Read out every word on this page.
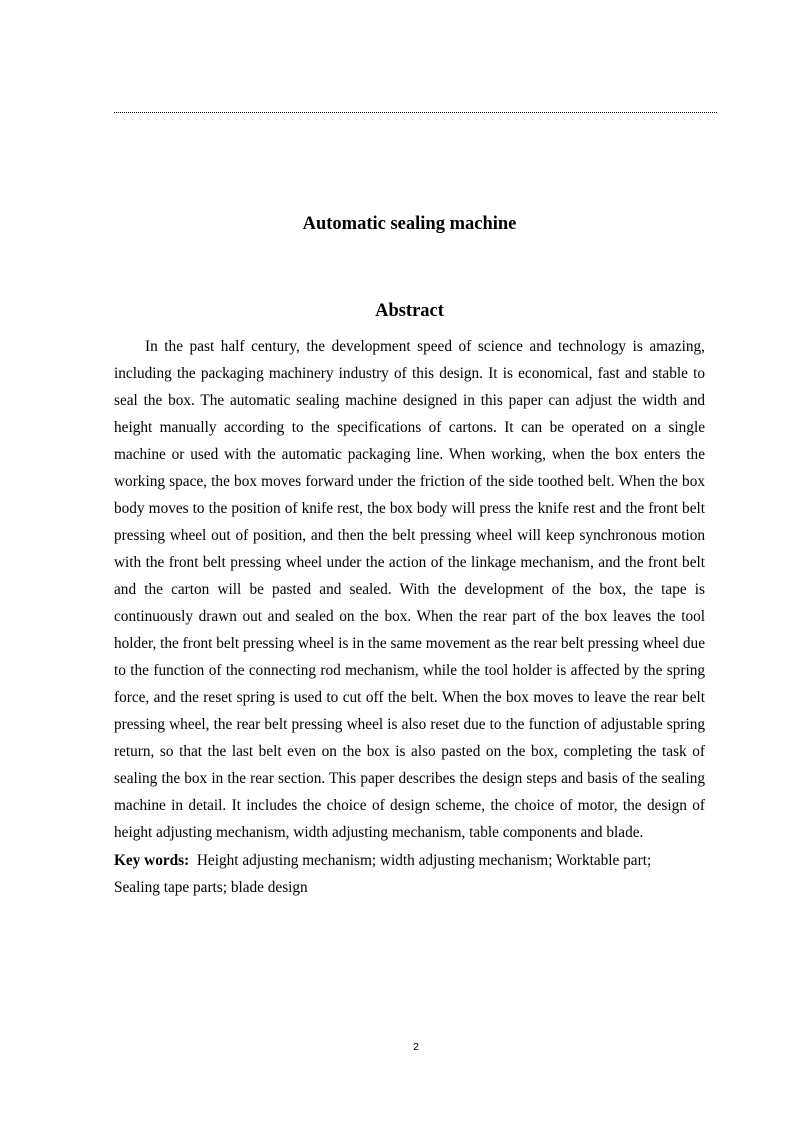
Automatic sealing machine
Abstract

In the past half century, the development speed of science and technology is amazing, including the packaging machinery industry of this design. It is economical, fast and stable to seal the box. The automatic sealing machine designed in this paper can adjust the width and height manually according to the specifications of cartons. It can be operated on a single machine or used with the automatic packaging line. When working, when the box enters the working space, the box moves forward under the friction of the side toothed belt. When the box body moves to the position of knife rest, the box body will press the knife rest and the front belt pressing wheel out of position, and then the belt pressing wheel will keep synchronous motion with the front belt pressing wheel under the action of the linkage mechanism, and the front belt and the carton will be pasted and sealed. With the development of the box, the tape is continuously drawn out and sealed on the box. When the rear part of the box leaves the tool holder, the front belt pressing wheel is in the same movement as the rear belt pressing wheel due to the function of the connecting rod mechanism, while the tool holder is affected by the spring force, and the reset spring is used to cut off the belt. When the box moves to leave the rear belt pressing wheel, the rear belt pressing wheel is also reset due to the function of adjustable spring return, so that the last belt even on the box is also pasted on the box, completing the task of sealing the box in the rear section. This paper describes the design steps and basis of the sealing machine in detail. It includes the choice of design scheme, the choice of motor, the design of height adjusting mechanism, width adjusting mechanism, table components and blade.

Key words: Height adjusting mechanism; width adjusting mechanism; Worktable part;
Sealing tape parts; blade design
2
